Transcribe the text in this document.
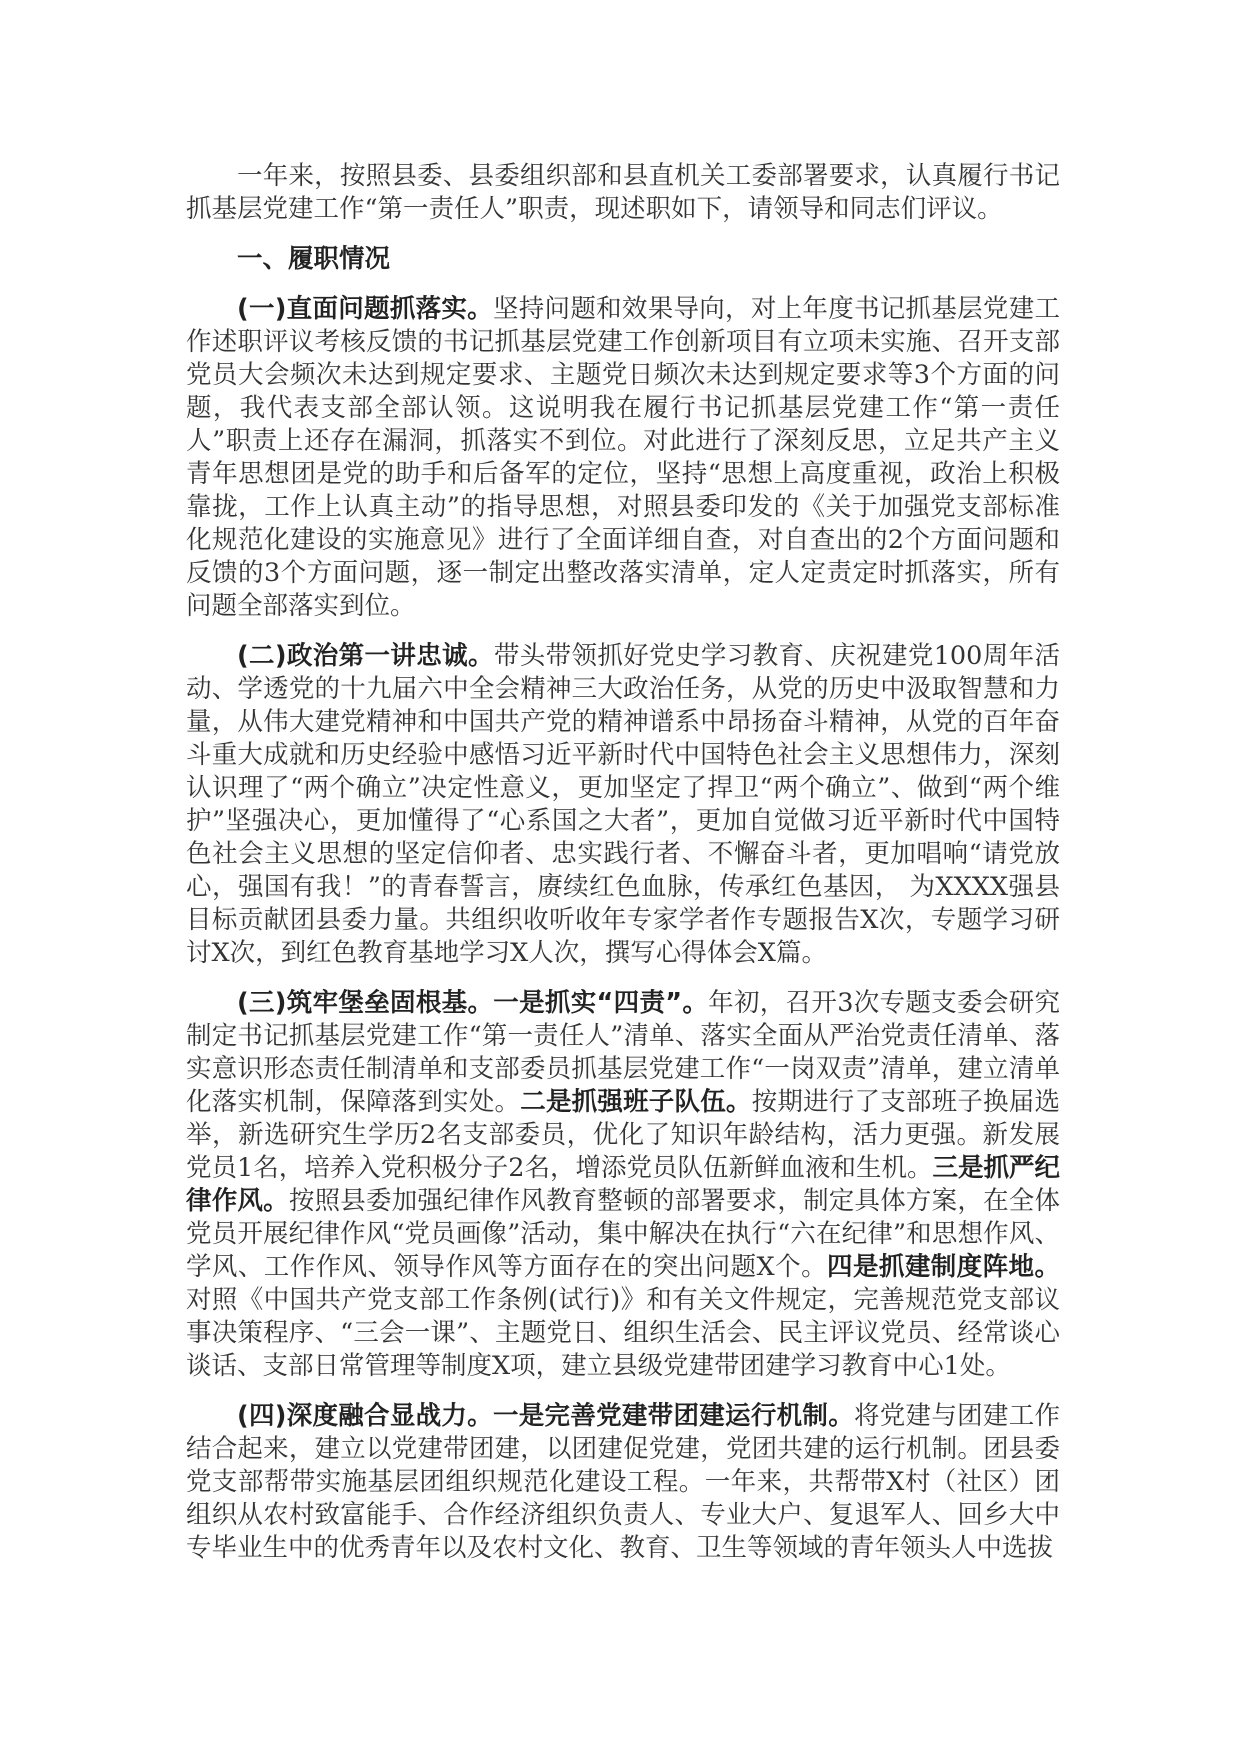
一年来，按照县委、县委组织部和县直机关工委部署要求，认真履行书记抓基层党建工作“第一责任人”职责，现述职如下，请领导和同志们评议。

一、履职情况

(一)直面问题抓落实。坚持问题和效果导向，对上年度书记抓基层党建工作述职评议考核反馈的书记抓基层党建工作创新项目有立项未实施、召开支部党员大会频次未达到规定要求、主题党日频次未达到规定要求等3个方面的问题，我代表支部全部认领。这说明我在履行书记抓基层党建工作“第一责任人”职责上还存在漏洞，抓落实不到位。对此进行了深刻反思，立足共产主义青年思想团是党的助手和后备军的定位，坚持“思想上高度重视，政治上积极靠拢，工作上认真主动”的指导思想，对照县委印发的《关于加强党支部标准化规范化建设的实施意见》进行了全面详细自查，对自查出的2个方面问题和反馈的3个方面问题，逐一制定出整改落实清单，定人定责定时抓落实，所有问题全部落实到位。

(二)政治第一讲忠诚。带头带领抓好党史学习教育、庆祝建党100周年活动、学透党的十九届六中全会精神三大政治任务，从党的历史中汲取智慧和力量，从伟大建党精神和中国共产党的精神谱系中昂扬奋斗精神，从党的百年奋斗重大成就和历史经验中感悟习近平新时代中国特色社会主义思想伟力，深刻认识理了“两个确立”决定性意义，更加坚定了捍卫“两个确立”、做到“两个维护”坚强决心，更加懂得了“心系国之大者”，更加自觉做习近平新时代中国特色社会主义思想的坚定信仰者、忠实践行者、不懈奋斗者，更加唱响“请党放心，强国有我！”的青春誓言，赓续红色血脉，传承红色基因， 为XXXX强县目标贡献团县委力量。共组织收听收年专家学者作专题报告X次，专题学习研讨X次，到红色教育基地学习X人次，撰写心得体会X篇。

(三)筑牢堡垒固根基。一是抓实“四责”。年初，召开3次专题支委会研究制定书记抓基层党建工作“第一责任人”清单、落实全面从严治党责任清单、落实意识形态责任制清单和支部委员抓基层党建工作“一岗双责”清单，建立清单化落实机制，保障落到实处。二是抓强班子队伍。按期进行了支部班子换届选举，新选研究生学历2名支部委员，优化了知识年龄结构，活力更强。新发展党员1名，培养入党积极分子2名，增添党员队伍新鲜血液和生机。三是抓严纪律作风。按照县委加强纪律作风教育整顿的部署要求，制定具体方案，在全体党员开展纪律作风“党员画像”活动，集中解决在执行“六在纪律”和思想作风、学风、工作作风、领导作风等方面存在的突出问题X个。四是抓建制度阵地。对照《中国共产党支部工作条例(试行)》和有关文件规定，完善规范党支部议事决策程序、“三会一课”、主题党日、组织生活会、民主评议党员、经常谈心谈话、支部日常管理等制度X项，建立县级党建带团建学习教育中心1处。

(四)深度融合显战力。一是完善党建带团建运行机制。将党建与团建工作结合起来，建立以党建带团建，以团建促党建，党团共建的运行机制。团县委党支部帮带实施基层团组织规范化建设工程。一年来，共帮带X村（社区）团组织从农村致富能手、合作经济组织负责人、专业大户、复退军人、回乡大中专毕业生中的优秀青年以及农村文化、教育、卫生等领域的青年领头人中选拔
